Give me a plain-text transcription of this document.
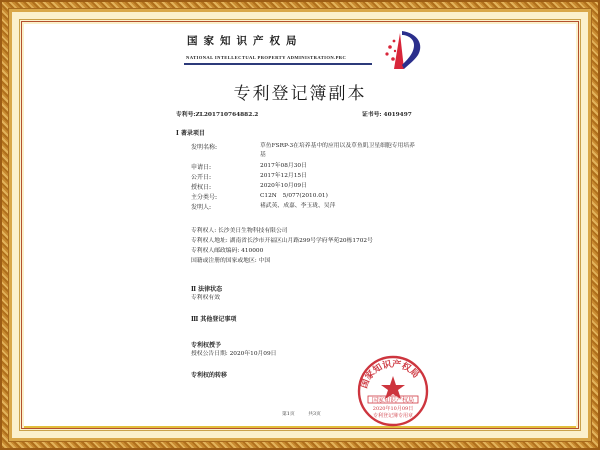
国家知识产权局
NATIONAL INTELLECTUAL PROPERTY ADMINISTRATION.PRC
专利登记簿副本
专利号:ZL201710764882.2	证书号: 4019497
I 著录项目
发明名称:	草鱼FSRP-3在培养基中的应用以及草鱼肌卫星细胞专用培养基
申请日:	2017年08月30日
公开日:	2017年12月15日
授权日:	2020年10月09日
主分类号:	C12N　5/077(2010.01)
发明人:	褚武英、成嘉、李玉珑、吴萍
专利权人: 长沙美日生物科技有限公司
专利权人地址: 湖南省长沙市开福区山月路299号学府华苑20栋1702号
专利权人邮政编码: 410000
国籍或注册的国家或地区: 中国
Ⅱ 法律状态
专利权有效
Ⅲ 其他登记事项
专利权授予
授权公告日期: 2020年10月09日
专利权的转移
国家知识产权局
国家知识产权局
2020年10月09日
专利登记簿专用章
第1页	共3页
